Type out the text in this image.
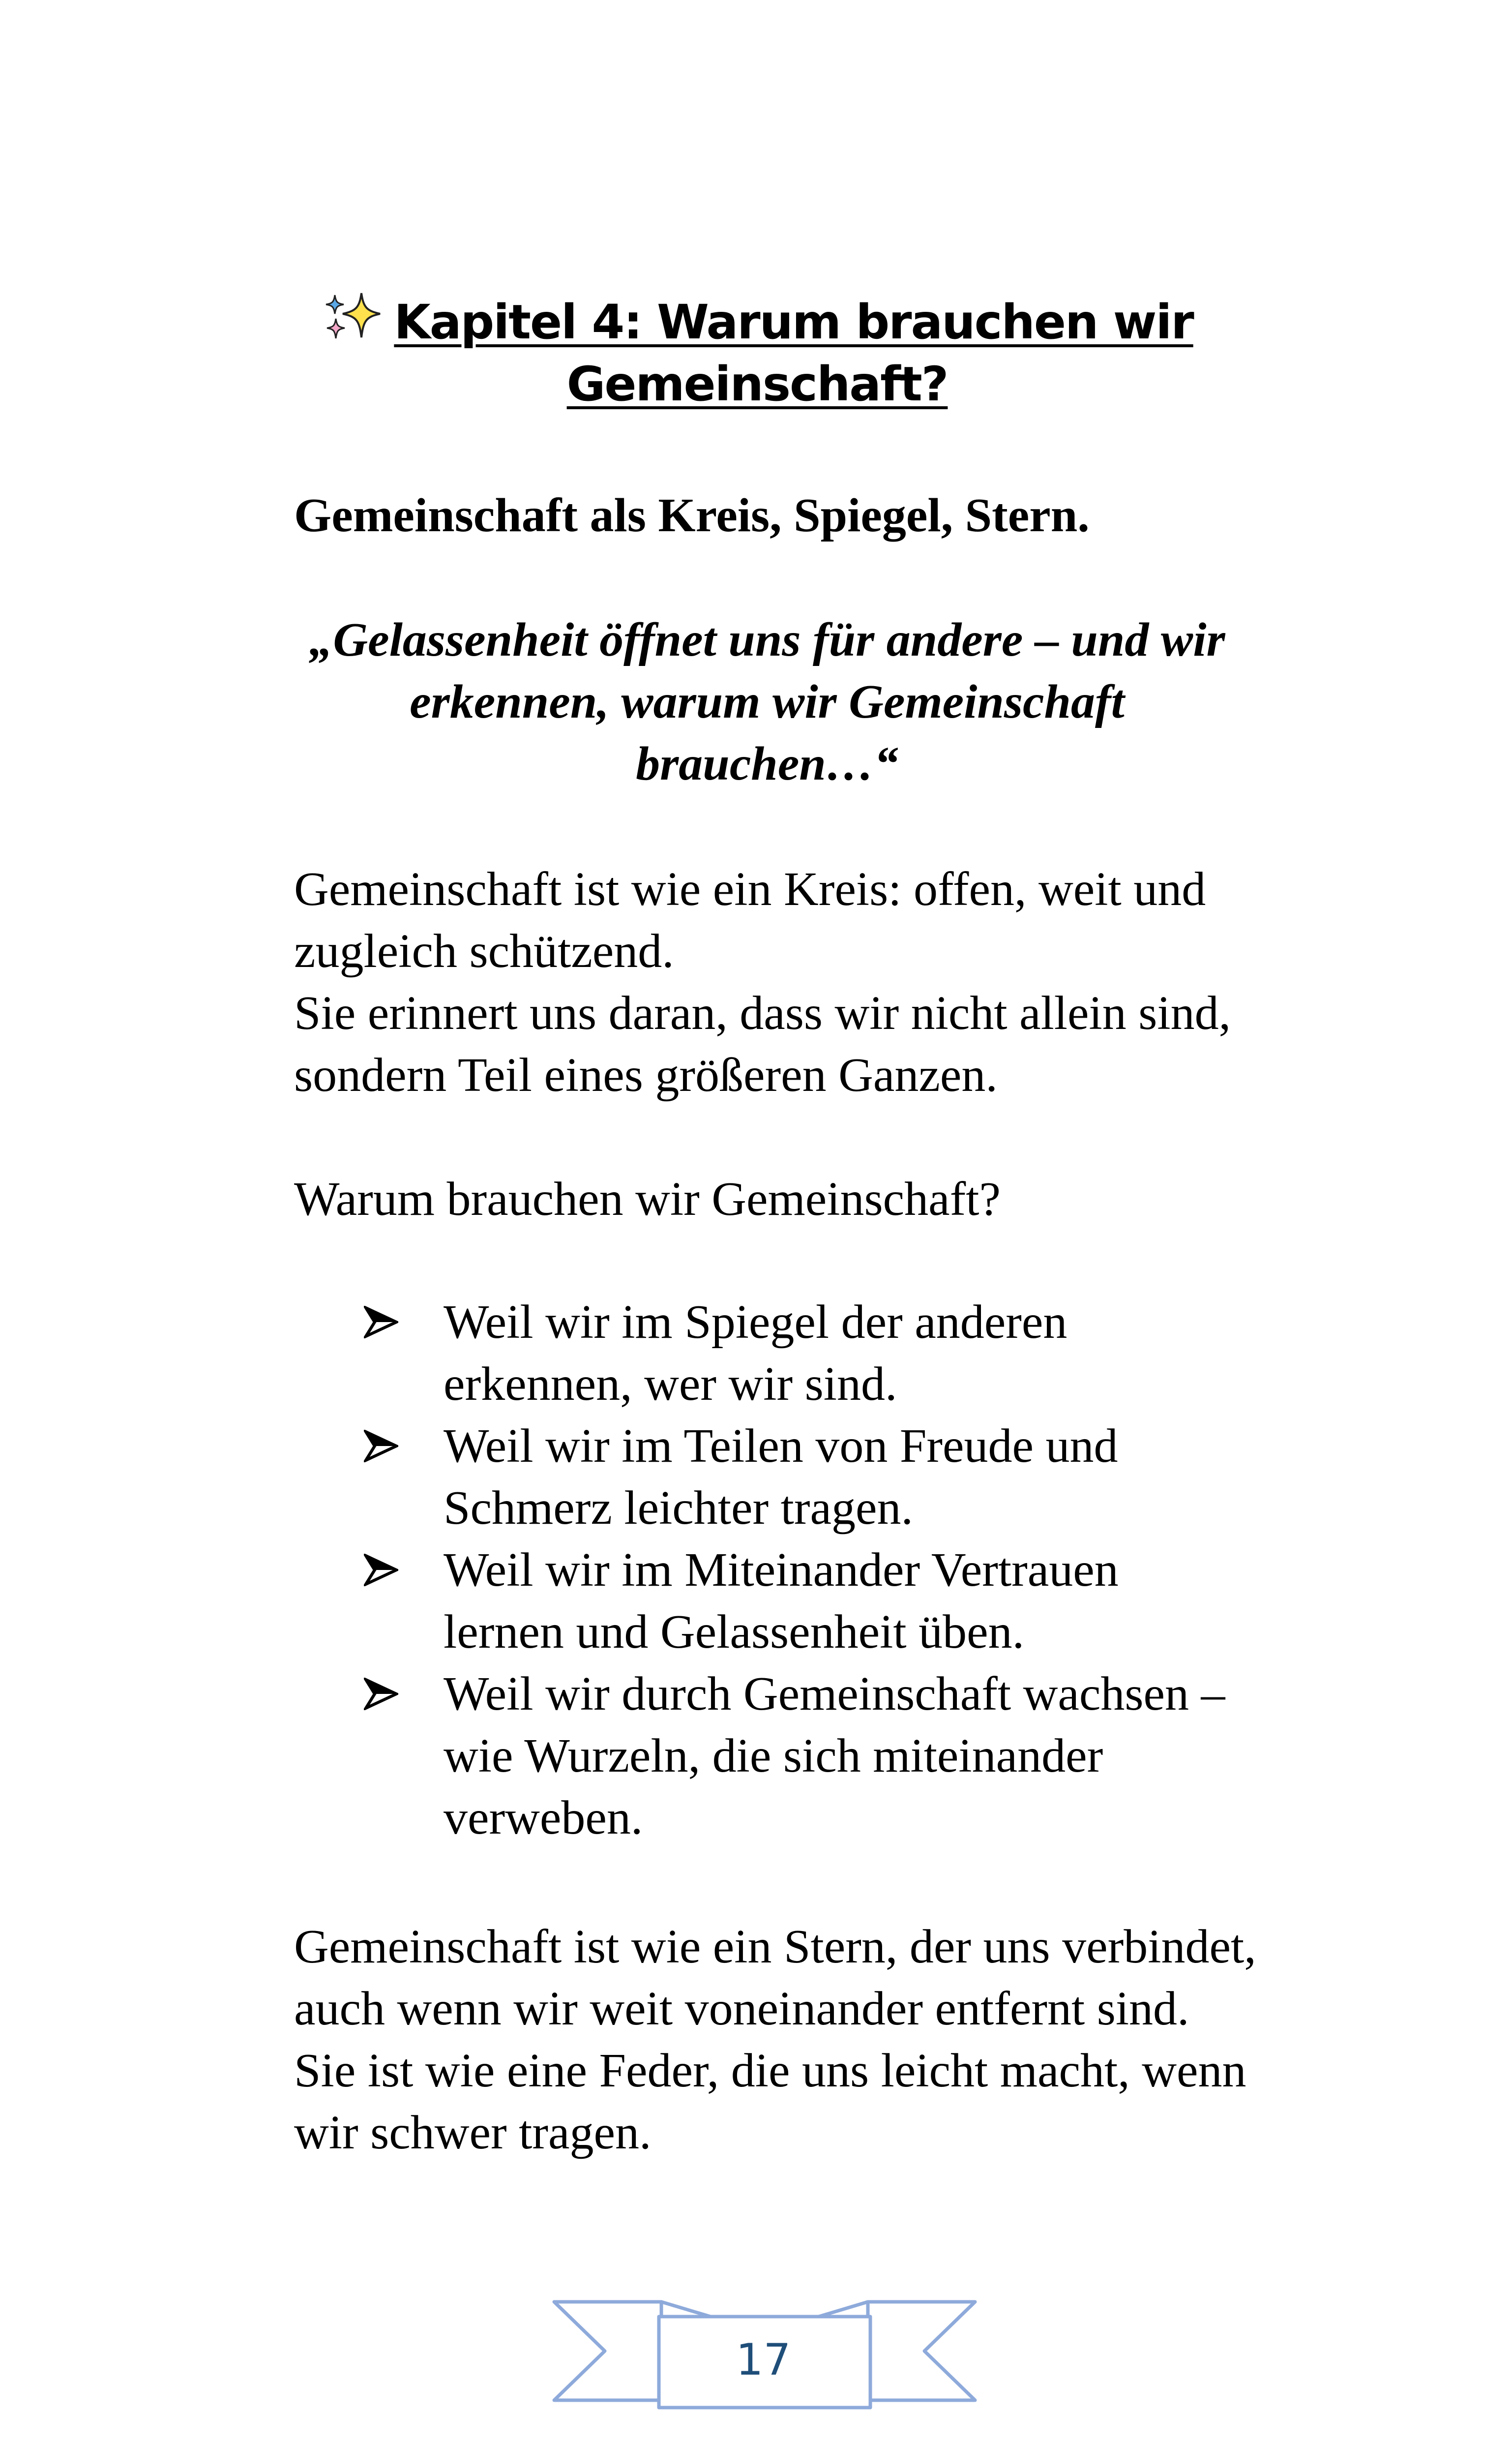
Kapitel 4: Warum brauchen wir Gemeinschaft?
Gemeinschaft als Kreis, Spiegel, Stern.
„Gelassenheit öffnet uns für andere – und wir erkennen, warum wir Gemeinschaft brauchen…“
Gemeinschaft ist wie ein Kreis: offen, weit und zugleich schützend.
Sie erinnert uns daran, dass wir nicht allein sind, sondern Teil eines größeren Ganzen.
Warum brauchen wir Gemeinschaft?
Weil wir im Spiegel der anderen erkennen, wer wir sind.
Weil wir im Teilen von Freude und Schmerz leichter tragen.
Weil wir im Miteinander Vertrauen lernen und Gelassenheit üben.
Weil wir durch Gemeinschaft wachsen – wie Wurzeln, die sich miteinander verweben.
Gemeinschaft ist wie ein Stern, der uns verbindet, auch wenn wir weit voneinander entfernt sind.
Sie ist wie eine Feder, die uns leicht macht, wenn wir schwer tragen.
17
